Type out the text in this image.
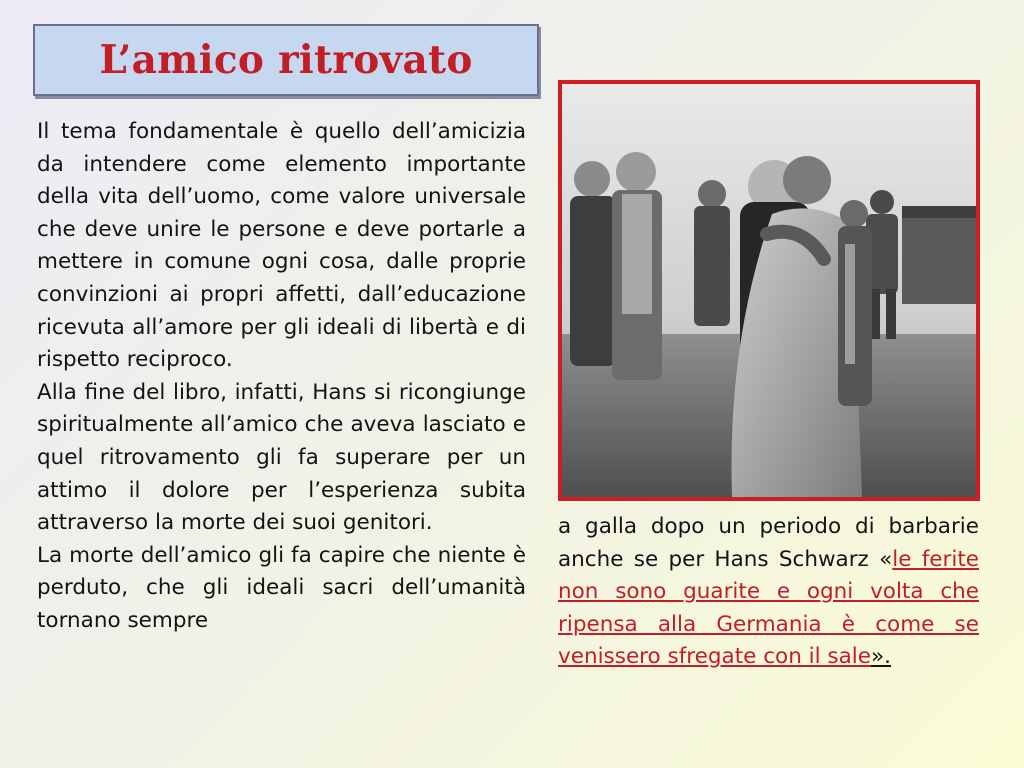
L’amico ritrovato

Il tema fondamentale è quello dell’amicizia da intendere come elemento importante della vita dell’uomo, come valore universale che deve unire le persone e deve portarle a mettere in comune ogni cosa, dalle proprie convinzioni ai propri affetti, dall’educazione ricevuta all’amore per gli ideali di libertà e di rispetto reciproco.

Alla fine del libro, infatti, Hans si ricongiunge spiritualmente all’amico che aveva lasciato e quel ritrovamento gli fa superare per un attimo il dolore per l’esperienza subita attraverso la morte dei suoi genitori.

La morte dell’amico gli fa capire che niente è perduto, che gli ideali sacri dell’umanità tornano sempre

a galla dopo un periodo di barbarie anche se per Hans Schwarz «le ferite non sono guarite e ogni volta che ripensa alla Germania è come se venissero sfregate con il sale».
